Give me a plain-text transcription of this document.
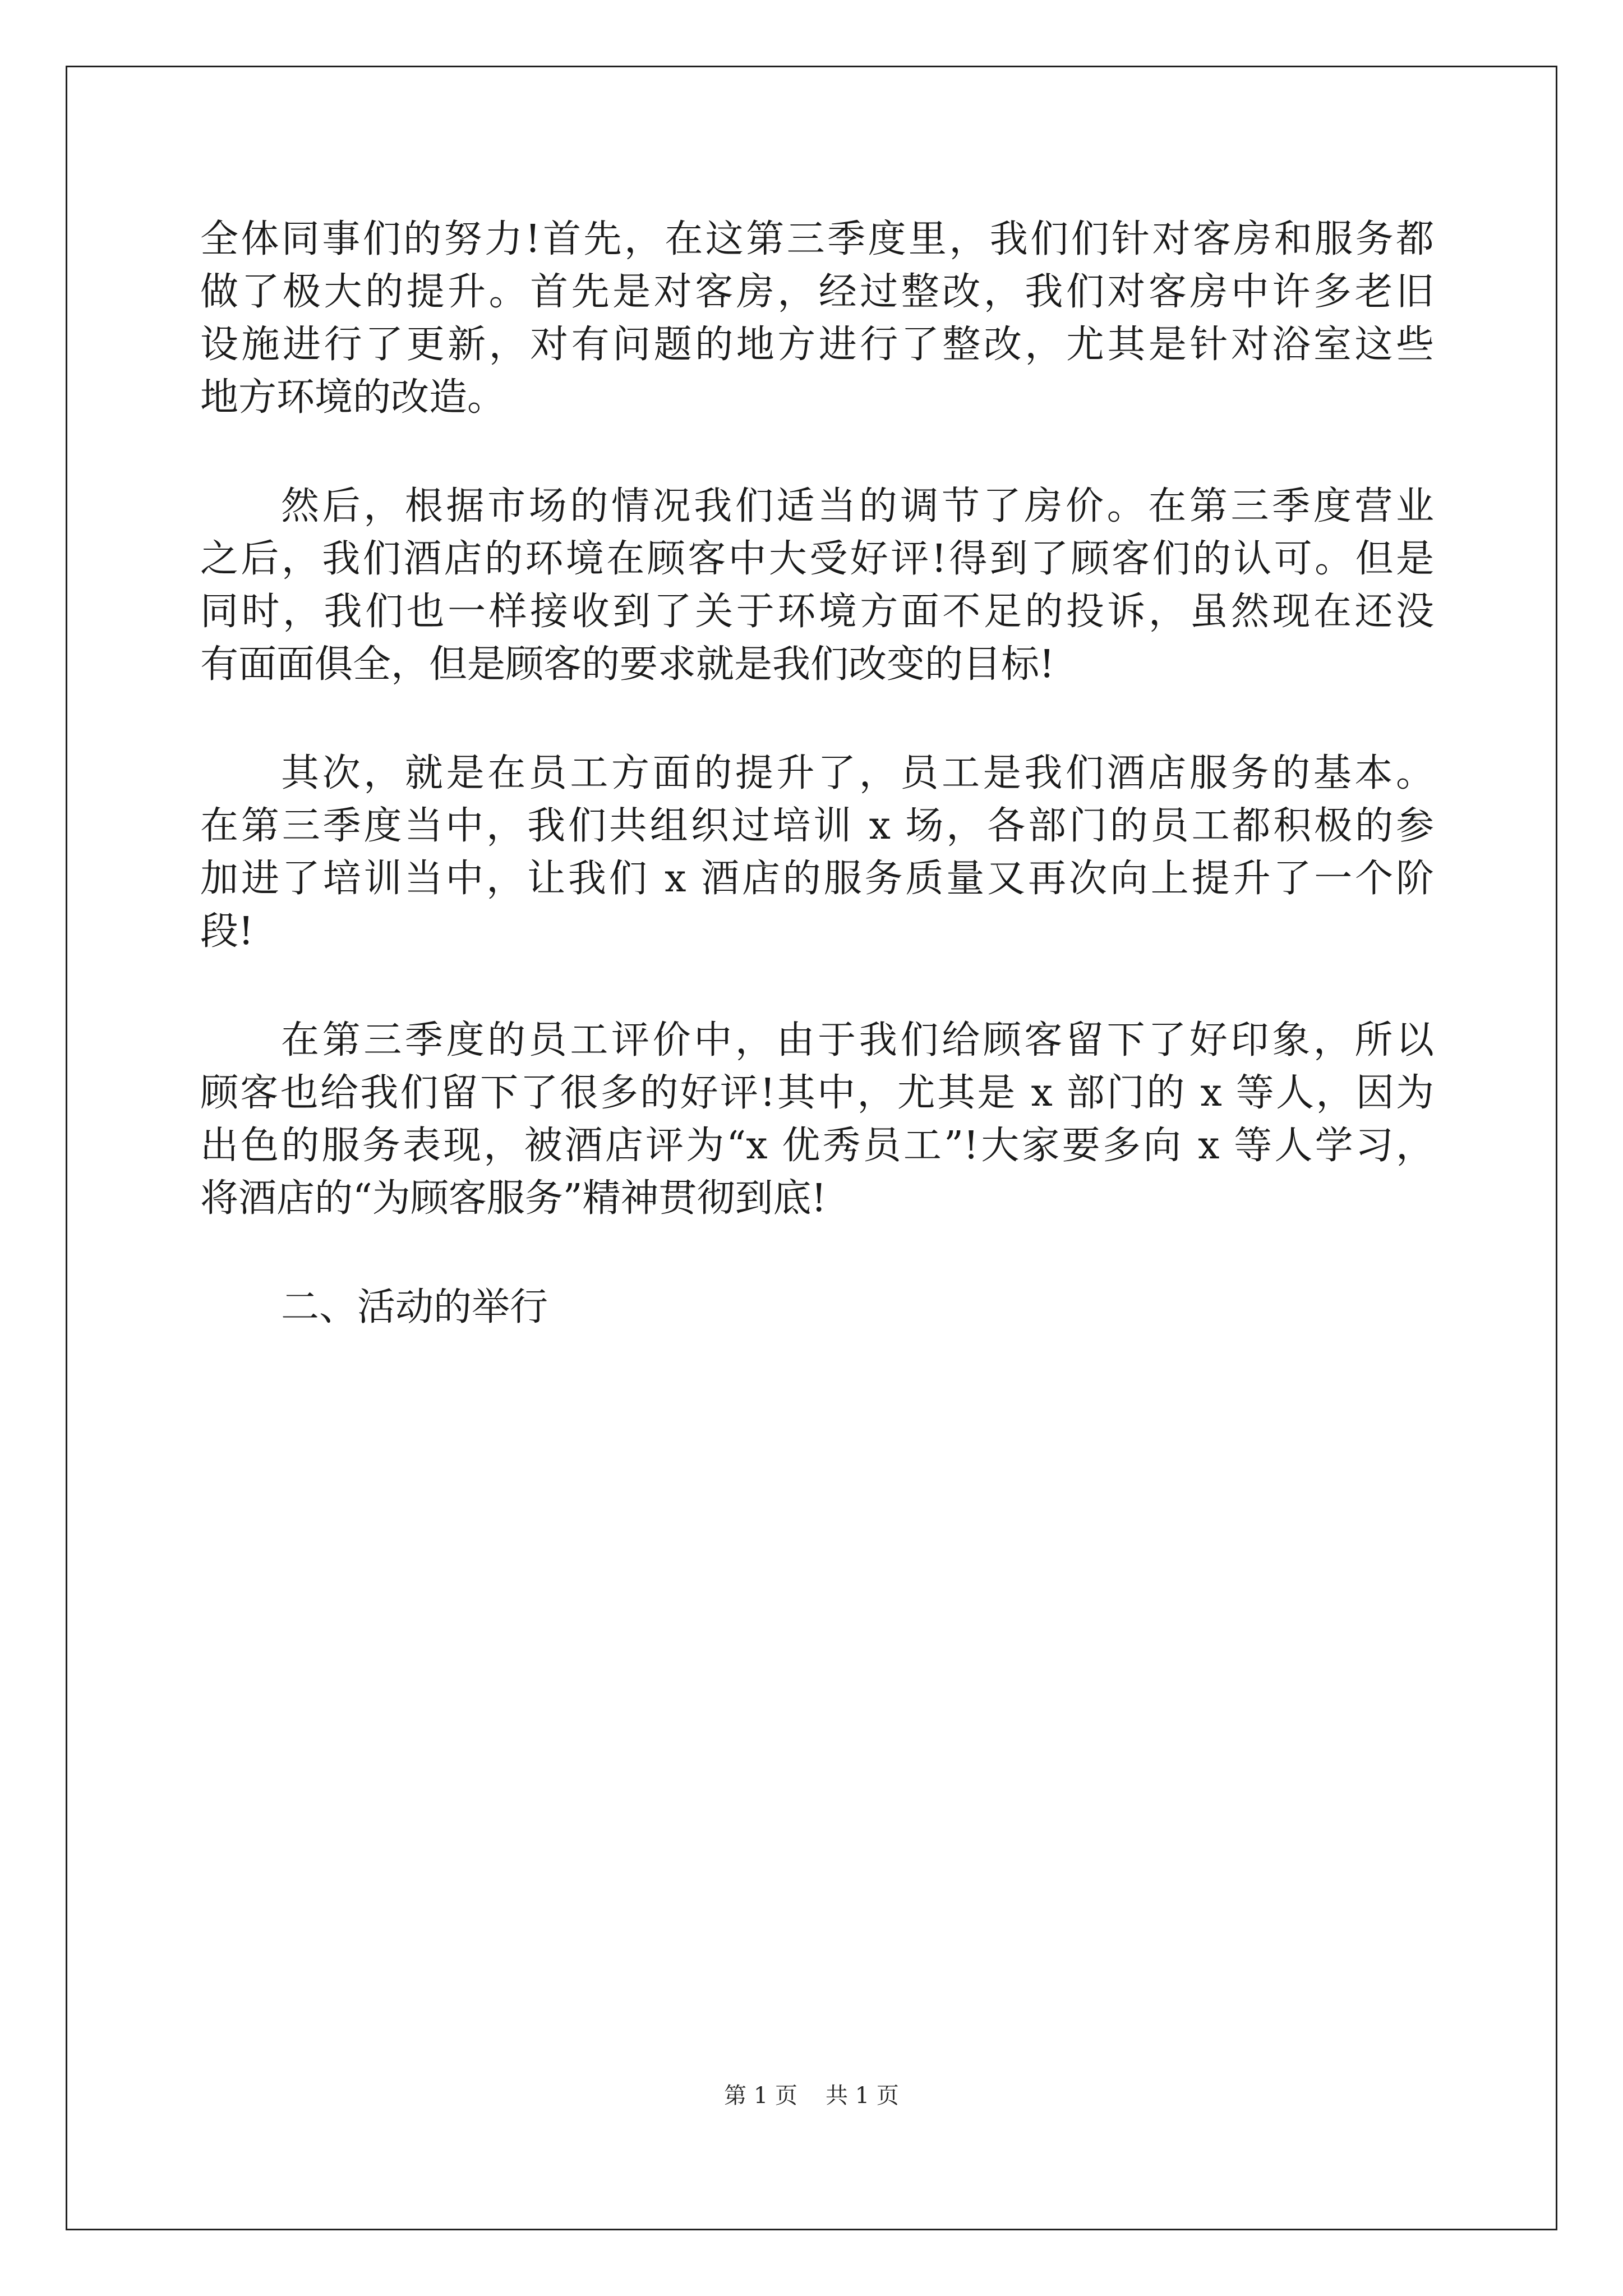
全体同事们的努力!首先，在这第三季度里，我们们针对客房和服务都
做了极大的提升。首先是对客房，经过整改，我们对客房中许多老旧
设施进行了更新，对有问题的地方进行了整改，尤其是针对浴室这些
地方环境的改造。
然后，根据市场的情况我们适当的调节了房价。在第三季度营业
之后，我们酒店的环境在顾客中大受好评!得到了顾客们的认可。但是
同时，我们也一样接收到了关于环境方面不足的投诉，虽然现在还没
有面面俱全，但是顾客的要求就是我们改变的目标!
其次，就是在员工方面的提升了，员工是我们酒店服务的基本。
在第三季度当中，我们共组织过培训 x 场，各部门的员工都积极的参
加进了培训当中，让我们 x 酒店的服务质量又再次向上提升了一个阶
段!
在第三季度的员工评价中，由于我们给顾客留下了好印象，所以
顾客也给我们留下了很多的好评!其中，尤其是 x 部门的 x 等人，因为
出色的服务表现，被酒店评为“x 优秀员工”!大家要多向 x 等人学习，
将酒店的“为顾客服务”精神贯彻到底!
二、活动的举行
第 1 页 共 1 页
